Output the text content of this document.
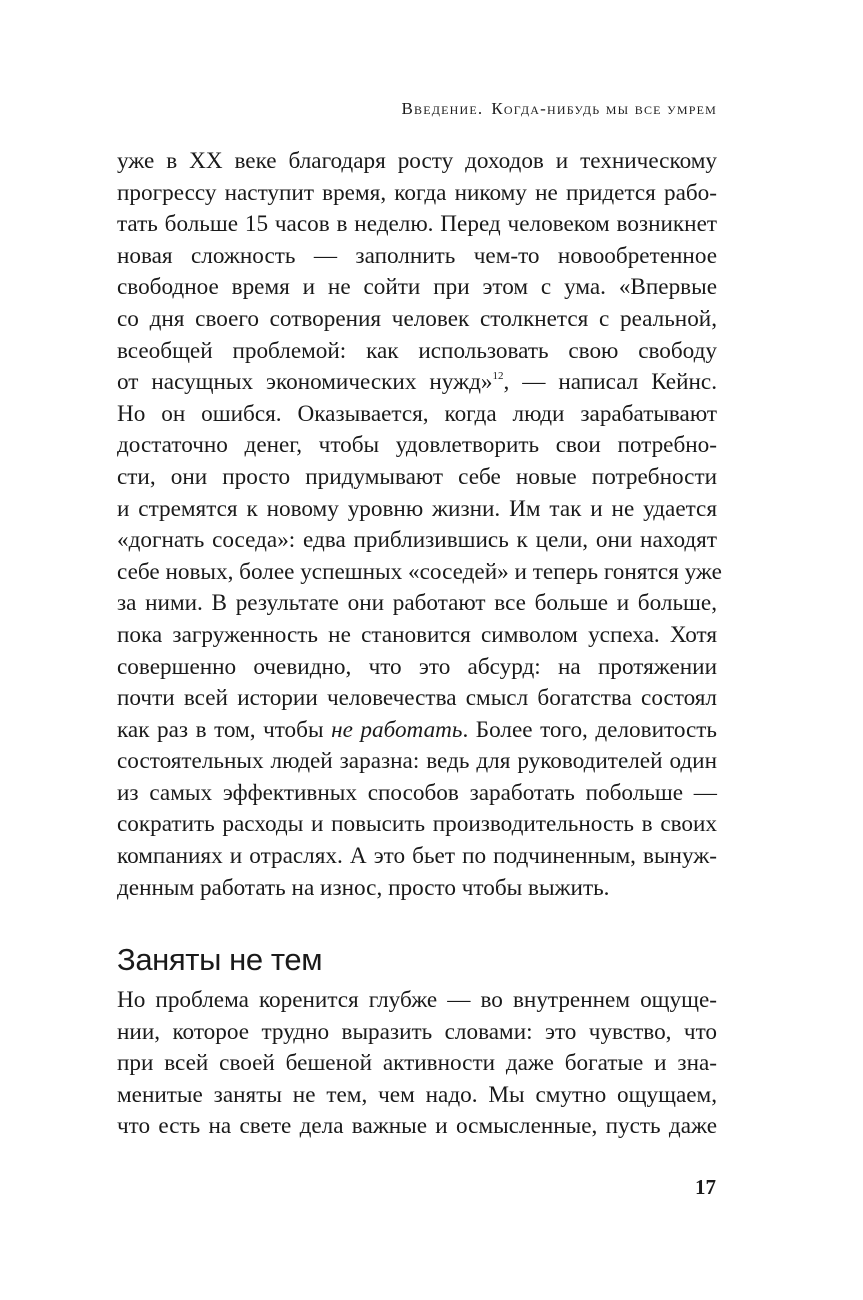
Введение. Когда-нибудь мы все умрем
уже в XX веке благодаря росту доходов и техническому
прогрессу наступит время, когда никому не придется рабо-
тать больше 15 часов в неделю. Перед человеком возникнет
новая сложность — заполнить чем-то новообретенное
свободное время и не сойти при этом с ума. «Впервые
со дня своего сотворения человек столкнется с реальной,
всеобщей проблемой: как использовать свою свободу
от насущных экономических нужд»$^{12}$, — написал Кейнс.
Но он ошибся. Оказывается, когда люди зарабатывают
достаточно денег, чтобы удовлетворить свои потребно-
сти, они просто придумывают себе новые потребности
и стремятся к новому уровню жизни. Им так и не удается
«догнать соседа»: едва приблизившись к цели, они находят
себе новых, более успешных «соседей» и теперь гонятся уже
за ними. В результате они работают все больше и больше,
пока загруженность не становится символом успеха. Хотя
совершенно очевидно, что это абсурд: на протяжении
почти всей истории человечества смысл богатства состоял
как раз в том, чтобы не работать. Более того, деловитость
состоятельных людей заразна: ведь для руководителей один
из самых эффективных способов заработать побольше —
сократить расходы и повысить производительность в своих
компаниях и отраслях. А это бьет по подчиненным, вынуж-
денным работать на износ, просто чтобы выжить.
Заняты не тем
Но проблема коренится глубже — во внутреннем ощуще-
нии, которое трудно выразить словами: это чувство, что
при всей своей бешеной активности даже богатые и зна-
менитые заняты не тем, чем надо. Мы смутно ощущаем,
что есть на свете дела важные и осмысленные, пусть даже
17
